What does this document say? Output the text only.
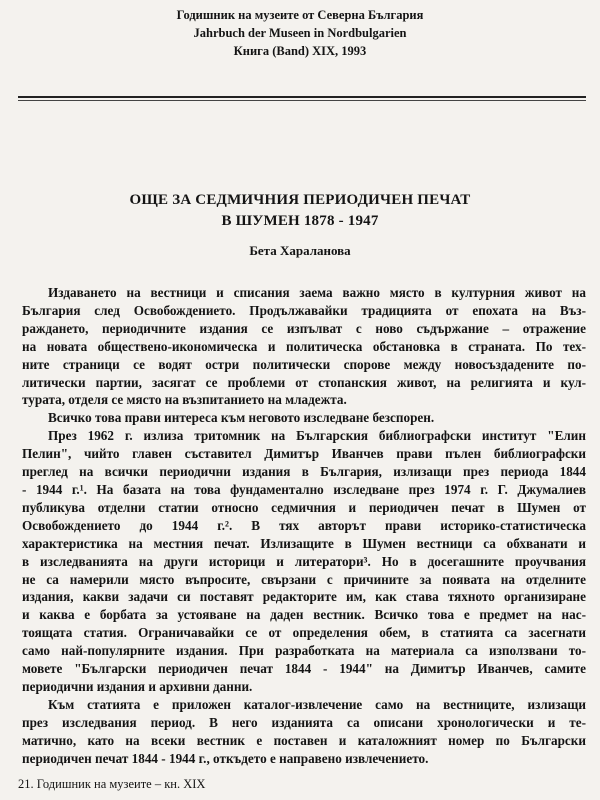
Годишник на музеите от Северна България
Jahrbuch der Museen in Nordbulgarien
Книга (Band) XIX, 1993
ОЩЕ ЗА СЕДМИЧНИЯ ПЕРИОДИЧЕН ПЕЧАТ
В ШУМЕН 1878 - 1947
Бета Хараланова
Издаването на вестници и списания заема важно място в културния живот на
България след Освобождението. Продължавайки традицията от епохата на Въз-
раждането, периодичните издания се изпълват с ново съдържание – отражение
на новата обществено-икономическа и политическа обстановка в страната. По тех-
ните страници се водят остри политически спорове между новосъздадените по-
литически партии, засягат се проблеми от стопанския живот, на религията и кул-
турата, отделя се място на възпитанието на младежта.
Всичко това прави интереса към неговото изследване безспорен.
През 1962 г. излиза тритомник на Българския библиографски институт "Елин
Пелин", чийто главен съставител Димитър Иванчев прави пълен библиографски
преглед на всички периодични издания в България, излизащи през периода 1844
- 1944 г.¹. На базата на това фундаментално изследване през 1974 г. Г. Джумалиев
публикува отделни статии относно седмичния и периодичен печат в Шумен от
Освобождението до 1944 г.². В тях авторът прави историко-статистическа
характеристика на местния печат. Излизащите в Шумен вестници са обхванати и
в изследванията на други историци и литератори³. Но в досегашните проучвания
не са намерили място въпросите, свързани с причините за появата на отделните
издания, какви задачи си поставят редакторите им, как става тяхното организиране
и каква е борбата за устояване на даден вестник. Всичко това е предмет на нас-
тоящата статия. Ограничавайки се от определения обем, в статията са засегнати
само най-популярните издания. При разработката на материала са използвани то-
мовете "Български периодичен печат 1844 - 1944" на Димитър Иванчев, самите
периодични издания и архивни данни.
Към статията е приложен каталог-извлечение само на вестниците, излизащи
през изследвания период. В него изданията са описани хронологически и те-
матично, като на всеки вестник е поставен и каталожният номер по Български
периодичен печат 1844 - 1944 г., откъдето е направено извлечението.
21. Годишник на музеите – кн. XIX
